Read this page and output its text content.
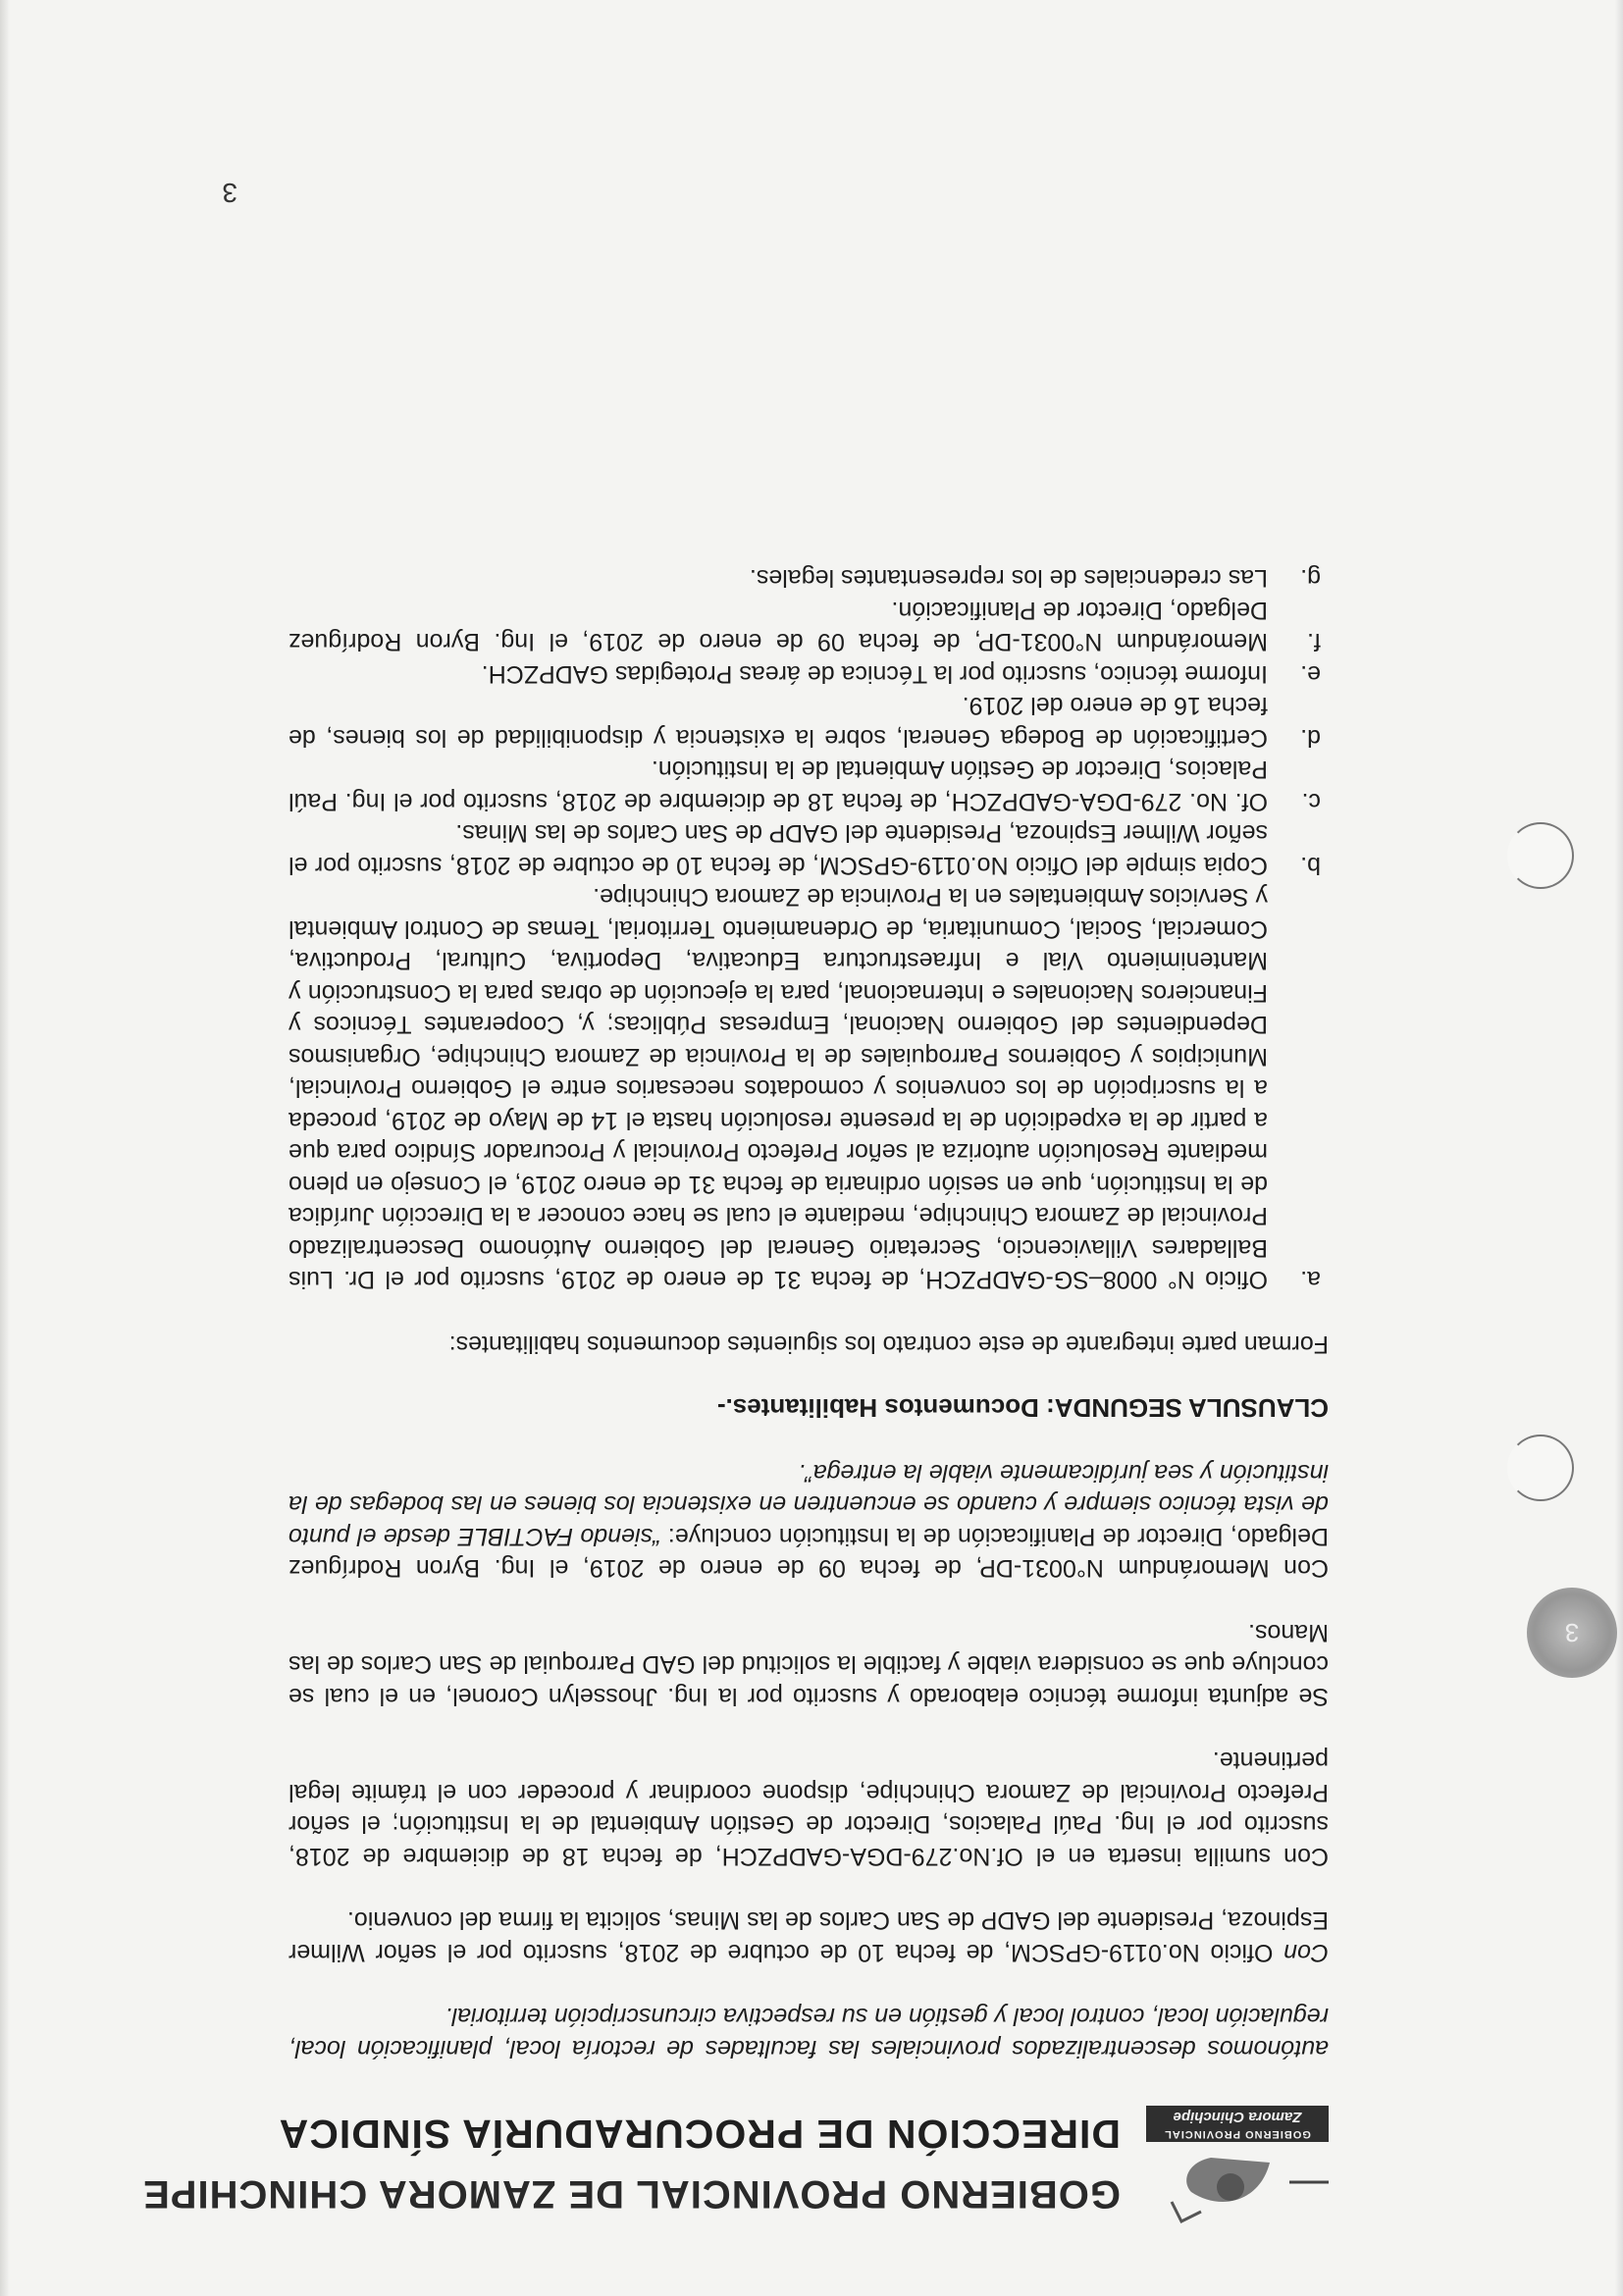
3
GOBIERNO PROVINCIAL
Zamora Chinchipe
GOBIERNO PROVINCIAL DE ZAMORA CHINCHIPE
DIRECCIÓN DE PROCURADURÍA SÍNDICA

autónomos descentralizados provinciales las facultades de rectoría local, planificación local, regulación local, control local y gestión en su respectiva circunscripción territorial.

Con Oficio No.0119-GPSCM, de fecha 10 de octubre de 2018, suscrito por el señor Wilmer Espinoza, Presidente del GADP de San Carlos de las Minas, solicita la firma del convenio.

Con sumilla inserta en el Of.No.279-DGA-GADPZCH, de fecha 18 de diciembre de 2018, suscrito por el Ing. Paúl Palacios, Director de Gestión Ambiental de la Institución; el señor Prefecto Provincial de Zamora Chinchipe, dispone coordinar y proceder con el trámite legal pertinente.

Se adjunta informe técnico elaborado y suscrito por la Ing. Jhosselyn Coronel, en el cual se concluye que se considera viable y factible la solicitud del GAD Parroquial de San Carlos de las Manos.

Con Memorándum N°0031-DP, de fecha 09 de enero de 2019, el Ing. Byron Rodríguez Delgado, Director de Planificación de la Institución concluye: “siendo FACTIBLE desde el punto de vista técnico siempre y cuando se encuentren en existencia los bienes en las bodegas de la institución y sea jurídicamente viable la entrega”.

CLAUSULA SEGUNDA: Documentos Habilitantes.-

Forman parte integrante de este contrato los siguientes documentos habilitantes:

a.
Oficio N° 0008–SG-GADPZCH, de fecha 31 de enero de 2019, suscrito por el Dr. Luis Balladares Villavicencio, Secretario General del Gobierno Autónomo Descentralizado Provincial de Zamora Chinchipe, mediante el cual se hace conocer a la Dirección Jurídica de la Institución, que en sesión ordinaria de fecha 31 de enero 2019, el Consejo en pleno mediante Resolución autoriza al señor Prefecto Provincial y Procurador Síndico para que a partir de la expedición de la presente resolución hasta el 14 de Mayo de 2019, proceda a la suscripción de los convenios y comodatos necesarios entre el Gobierno Provincial, Municipios y Gobiernos Parroquiales de la Provincia de Zamora Chinchipe, Organismos Dependientes del Gobierno Nacional, Empresas Públicas; y, Cooperantes Técnicos y Financieros Nacionales e Internacional, para la ejecución de obras para la Construcción y Mantenimiento Vial e Infraestructura Educativa, Deportiva, Cultural, Productiva, Comercial, Social, Comunitaria, de Ordenamiento Territorial, Temas de Control Ambiental y Servicios Ambientales en la Provincia de Zamora Chinchipe.
b.
Copia simple del Oficio No.0119-GPSCM, de fecha 10 de octubre de 2018, suscrito por el señor Wilmer Espinoza, Presidente del GADP de San Carlos de las Minas.
c.
Of. No. 279-DGA-GADPZCH, de fecha 18 de diciembre de 2018, suscrito por el Ing. Paúl Palacios, Director de Gestión Ambiental de la Institución.
d.
Certificación de Bodega General, sobre la existencia y disponibilidad de los bienes, de fecha 16 de enero del 2019.
e.
Informe técnico, suscrito por la Técnica de áreas Protegidas GADPZCH.
f.
Memorándum N°0031-DP, de fecha 09 de enero de 2019, el Ing. Byron Rodríguez Delgado, Director de Planificación.
g.
Las credenciales de los representantes legales.
3
